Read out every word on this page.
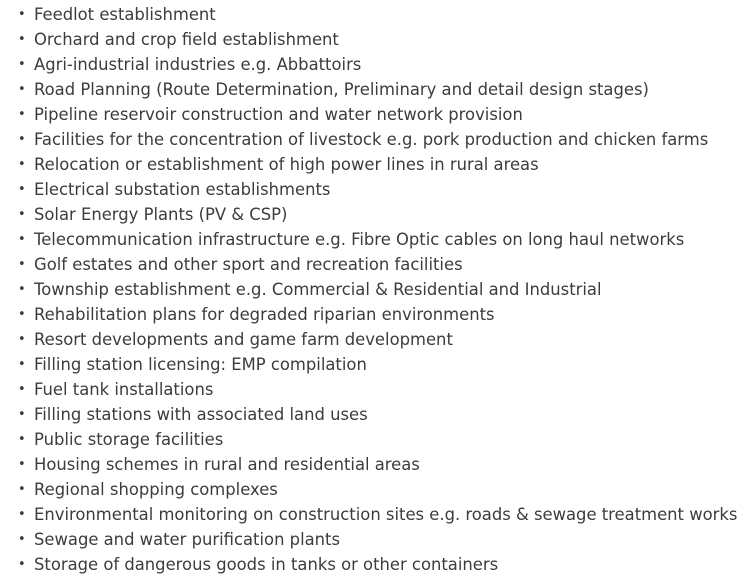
• Feedlot establishment
• Orchard and crop field establishment
• Agri-industrial industries e.g. Abbattoirs
• Road Planning (Route Determination, Preliminary and detail design stages)
• Pipeline reservoir construction and water network provision
• Facilities for the concentration of livestock e.g. pork production and chicken farms
• Relocation or establishment of high power lines in rural areas
• Electrical substation establishments
• Solar Energy Plants (PV & CSP)
• Telecommunication infrastructure e.g. Fibre Optic cables on long haul networks
• Golf estates and other sport and recreation facilities
• Township establishment e.g. Commercial & Residential and Industrial
• Rehabilitation plans for degraded riparian environments
• Resort developments and game farm development
• Filling station licensing: EMP compilation
• Fuel tank installations
• Filling stations with associated land uses
• Public storage facilities
• Housing schemes in rural and residential areas
• Regional shopping complexes
• Environmental monitoring on construction sites e.g. roads & sewage treatment works
• Sewage and water purification plants
• Storage of dangerous goods in tanks or other containers
